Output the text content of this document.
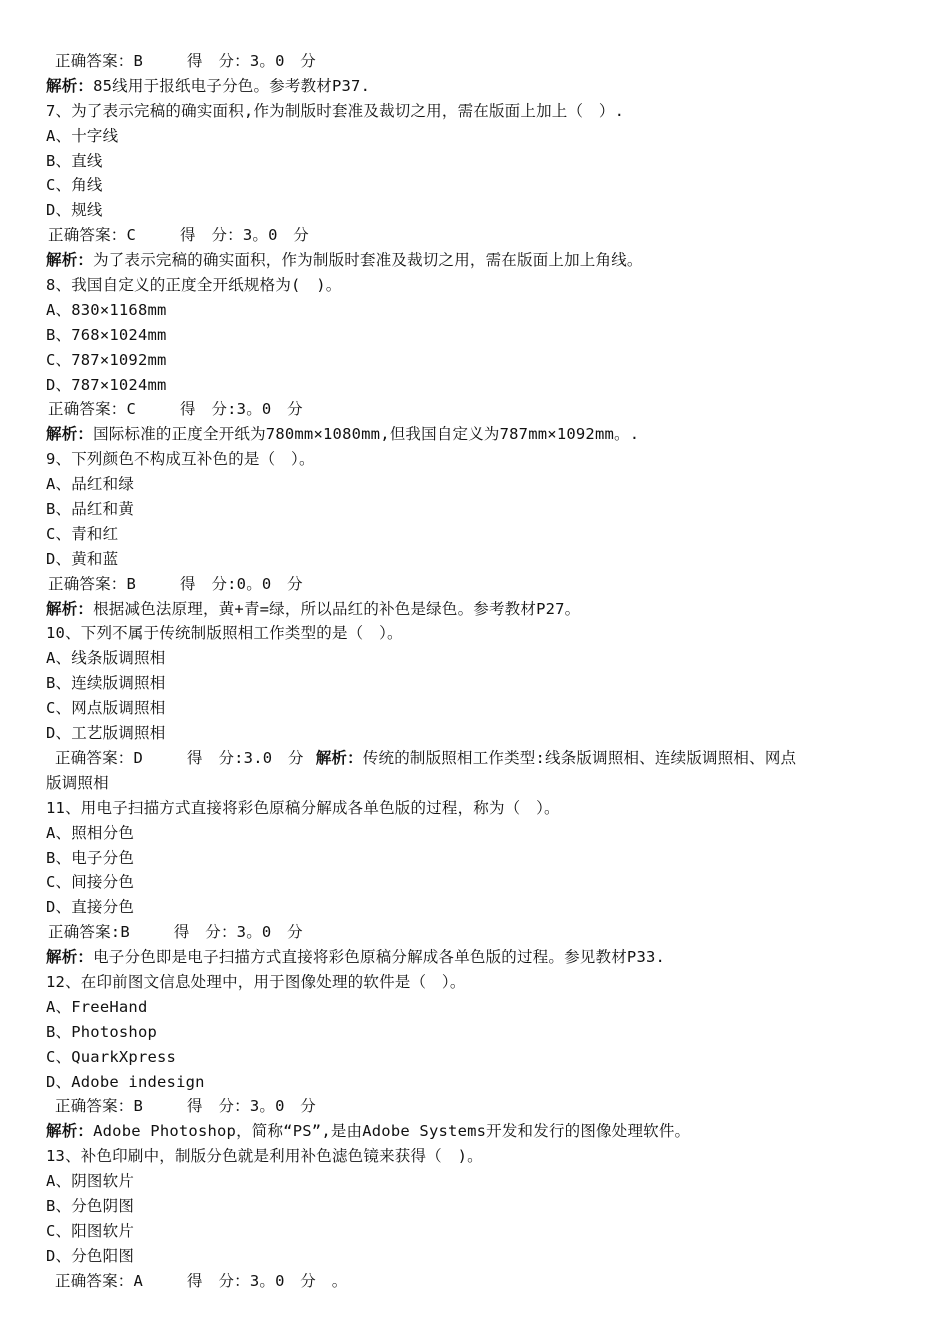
正确答案：B	得　分：3。0　分
解析：85线用于报纸电子分色。参考教材P37.
7、为了表示完稿的确实面积,作为制版时套准及裁切之用，需在版面上加上（　）.
A、十字线
B、直线
C、角线
D、规线
正确答案：C	得　分：3。0　分
解析：为了表示完稿的确实面积，作为制版时套准及裁切之用，需在版面上加上角线。
8、我国自定义的正度全开纸规格为(　)。
A、830×1168mm
B、768×1024mm
C、787×1092mm
D、787×1024mm
正确答案：C	得　分:3。0　分
解析：国际标准的正度全开纸为780mm×1080mm,但我国自定义为787mm×1092mm。.
9、下列颜色不构成互补色的是（　）。
A、品红和绿
B、品红和黄
C、青和红
D、黄和蓝
正确答案：B	得　分:0。0　分
解析：根据减色法原理，黄+青=绿，所以品红的补色是绿色。参考教材P27。
10、下列不属于传统制版照相工作类型的是（　）。
A、线条版调照相
B、连续版调照相
C、网点版调照相
D、工艺版调照相
正确答案：D	得　分:3.0　分 解析：传统的制版照相工作类型:线条版调照相、连续版调照相、网点
版调照相
11、用电子扫描方式直接将彩色原稿分解成各单色版的过程，称为（　）。
A、照相分色
B、电子分色
C、间接分色
D、直接分色
正确答案:B	得　分：3。0　分
解析：电子分色即是电子扫描方式直接将彩色原稿分解成各单色版的过程。参见教材P33.
12、在印前图文信息处理中，用于图像处理的软件是（　）。
A、FreeHand
B、Photoshop
C、QuarkXpress
D、Adobe indesign
正确答案：B	得　分：3。0　分
解析：Adobe Photoshop，简称“PS”,是由Adobe Systems开发和发行的图像处理软件。
13、补色印刷中，制版分色就是利用补色滤色镜来获得（　)。
A、阴图软片
B、分色阴图
C、阳图软片
D、分色阳图
正确答案：A	得　分：3。0　分　。
